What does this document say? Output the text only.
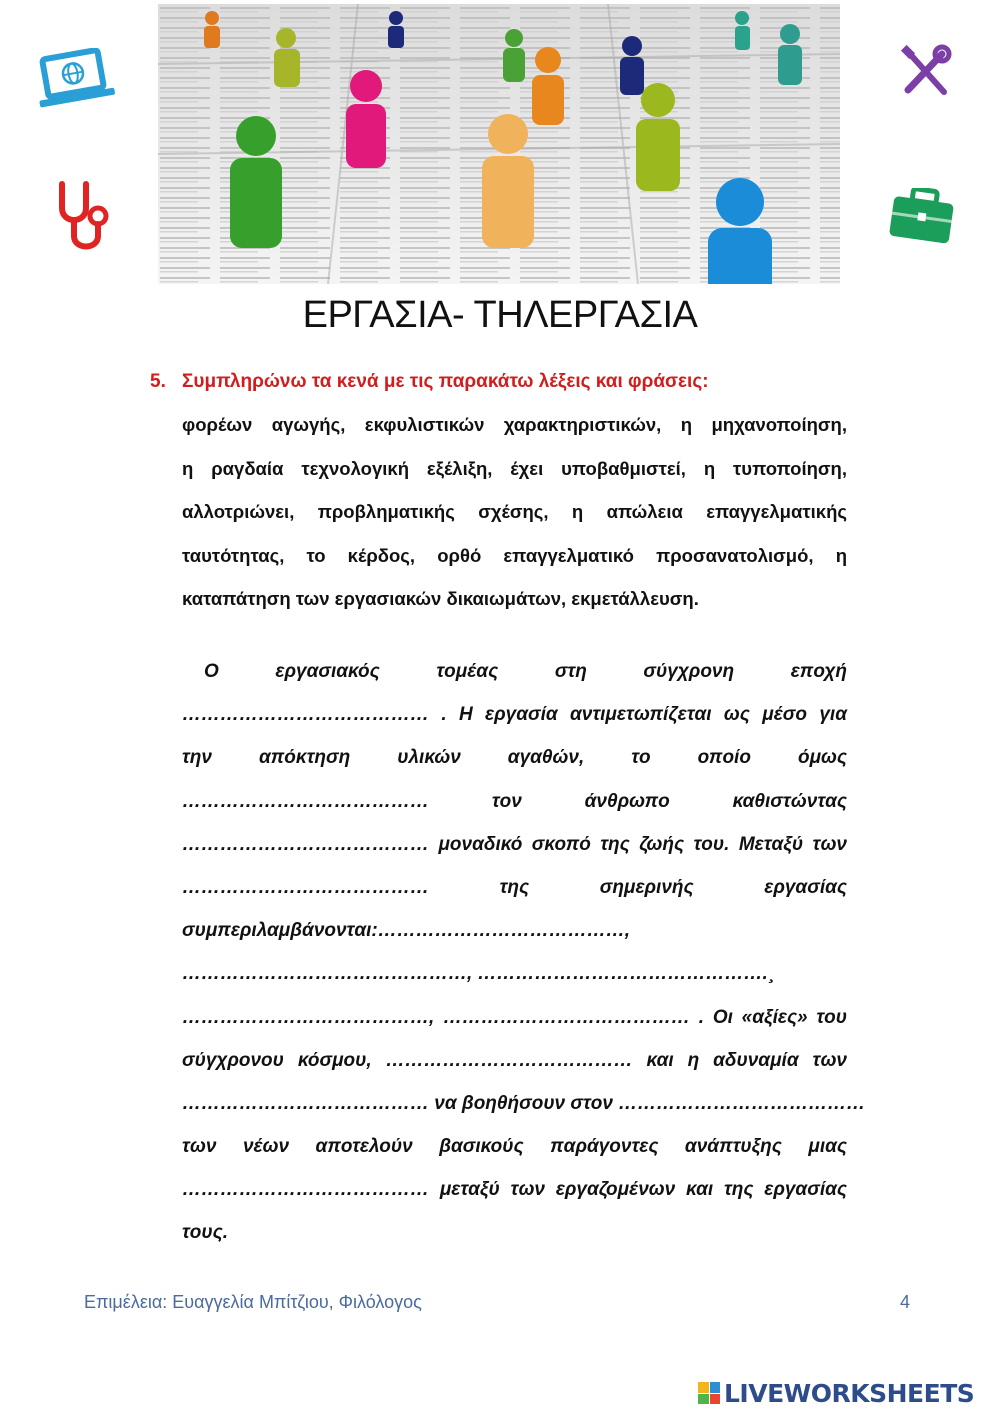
ΕΡΓΑΣΙΑ- ΤΗΛΕΡΓΑΣΙΑ
5. Συμπληρώνω τα κενά με τις παρακάτω λέξεις και φράσεις:
φορέων αγωγής, εκφυλιστικών χαρακτηριστικών, η μηχανοποίηση,
η ραγδαία τεχνολογική εξέλιξη, έχει υποβαθμιστεί, η τυποποίηση,
αλλοτριώνει, προβληματικής σχέσης, η απώλεια επαγγελματικής
ταυτότητας, το κέρδος, ορθό επαγγελματικό προσανατολισμό, η
καταπάτηση των εργασιακών δικαιωμάτων, εκμετάλλευση.
Ο εργασιακός τομέας στη σύγχρονη εποχή
………………………………… . Η εργασία αντιμετωπίζεται ως μέσο για
την απόκτηση υλικών αγαθών, το οποίο όμως
………………………………… τον άνθρωπο καθιστώντας
………………………………… μοναδικό σκοπό της ζωής του. Μεταξύ των
………………………………… της σημερινής εργασίας
συμπεριλαμβάνονται:…………………………………,
………………………………………, ……………………………………….¸
…………………………………, ………………………………… . Οι «αξίες» του
σύγχρονου κόσμου, ………………………………… και η αδυναμία των
………………………………… να βοηθήσουν στον …………………………………
των νέων αποτελούν βασικούς παράγοντες ανάπτυξης μιας
………………………………… μεταξύ των εργαζομένων και της εργασίας
τους.
Επιμέλεια: Ευαγγελία Μπίτζιου, Φιλόλογος	4
LIVEWORKSHEETS
